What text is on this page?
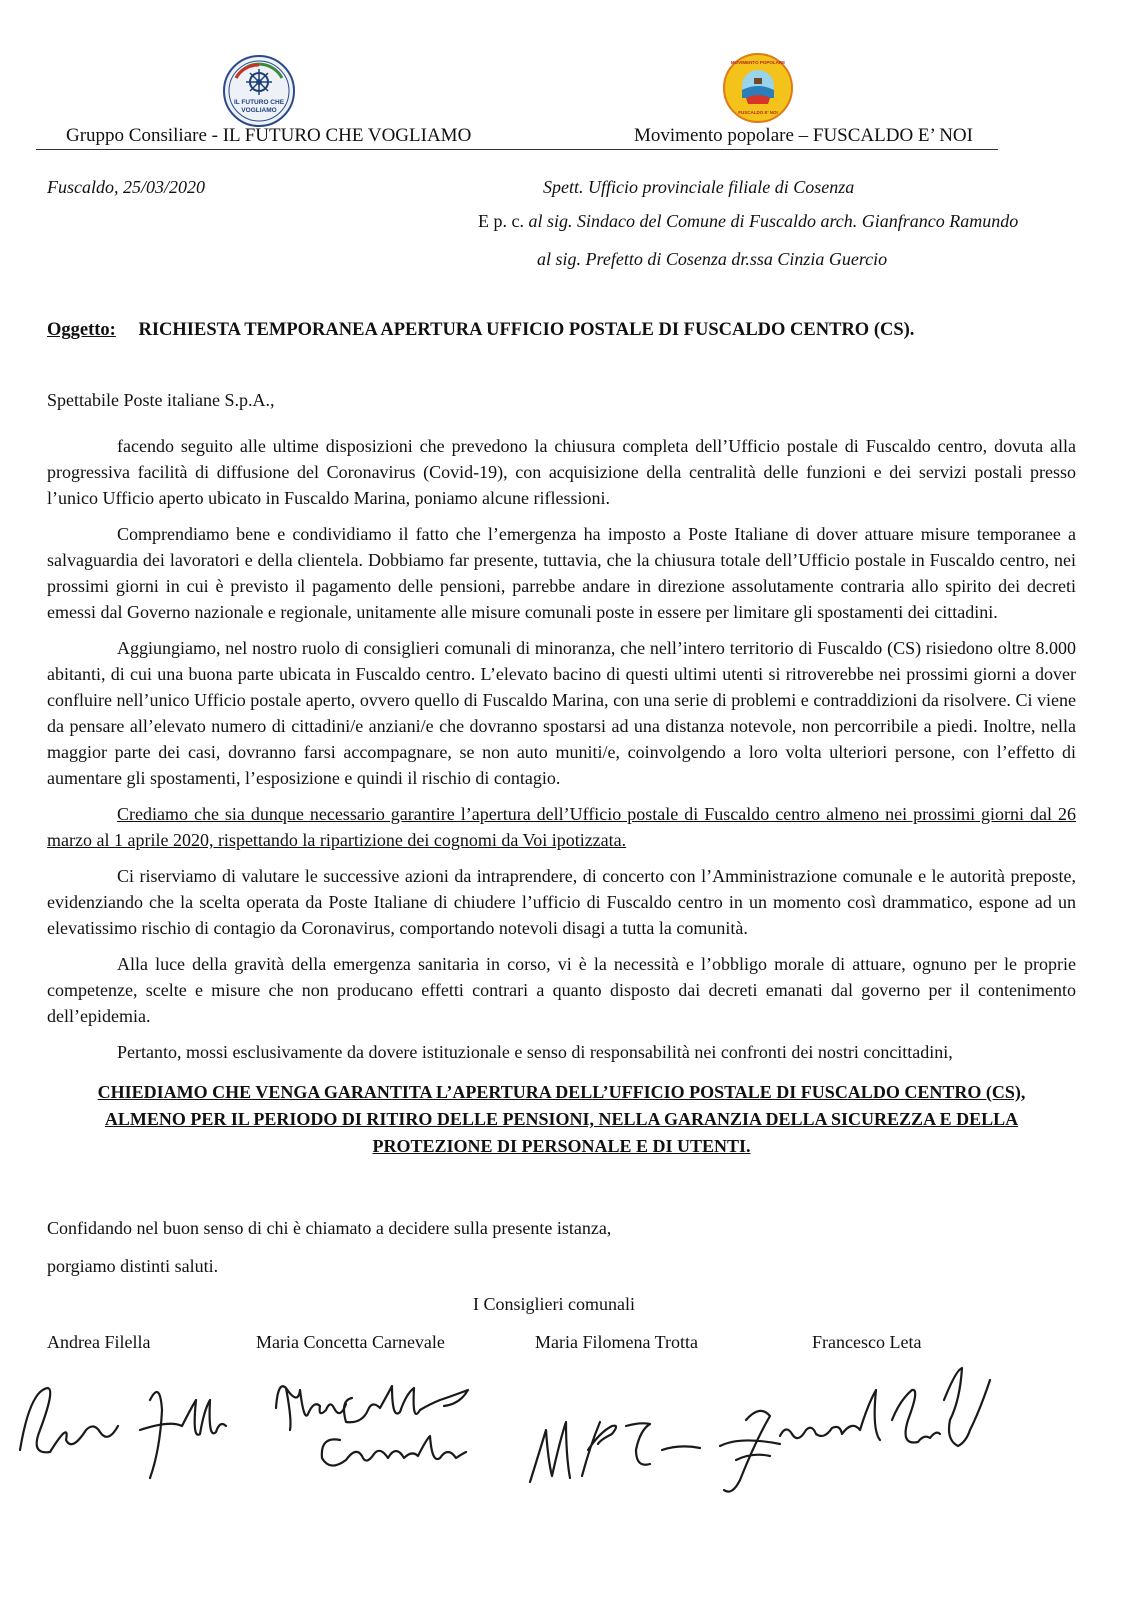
IL FUTURO CHE
VOGLIAMO	FUSCALDO E' NOI
MOVIMENTO POPOLARE
Gruppo Consiliare - IL FUTURO CHE VOGLIAMO	Movimento popolare – FUSCALDO E’ NOI
Fuscaldo, 25/03/2020	Spett. Ufficio provinciale filiale di Cosenza
E p. c. al sig. Sindaco del Comune di Fuscaldo arch. Gianfranco Ramundo
al sig. Prefetto di Cosenza dr.ssa Cinzia Guercio
Oggetto: RICHIESTA TEMPORANEA APERTURA UFFICIO POSTALE DI FUSCALDO CENTRO (CS).
Spettabile Poste italiane S.p.A.,

facendo seguito alle ultime disposizioni che prevedono la chiusura completa dell’Ufficio postale di Fuscaldo centro, dovuta alla progressiva facilità di diffusione del Coronavirus (Covid-19), con acquisizione della centralità delle funzioni e dei servizi postali presso l’unico Ufficio aperto ubicato in Fuscaldo Marina, poniamo alcune riflessioni.

Comprendiamo bene e condividiamo il fatto che l’emergenza ha imposto a Poste Italiane di dover attuare misure temporanee a salvaguardia dei lavoratori e della clientela. Dobbiamo far presente, tuttavia, che la chiusura totale dell’Ufficio postale in Fuscaldo centro, nei prossimi giorni in cui è previsto il pagamento delle pensioni, parrebbe andare in direzione assolutamente contraria allo spirito dei decreti emessi dal Governo nazionale e regionale, unitamente alle misure comunali poste in essere per limitare gli spostamenti dei cittadini.

Aggiungiamo, nel nostro ruolo di consiglieri comunali di minoranza, che nell’intero territorio di Fuscaldo (CS) risiedono oltre 8.000 abitanti, di cui una buona parte ubicata in Fuscaldo centro. L’elevato bacino di questi ultimi utenti si ritroverebbe nei prossimi giorni a dover confluire nell’unico Ufficio postale aperto, ovvero quello di Fuscaldo Marina, con una serie di problemi e contraddizioni da risolvere. Ci viene da pensare all’elevato numero di cittadini/e anziani/e che dovranno spostarsi ad una distanza notevole, non percorribile a piedi. Inoltre, nella maggior parte dei casi, dovranno farsi accompagnare, se non auto muniti/e, coinvolgendo a loro volta ulteriori persone, con l’effetto di aumentare gli spostamenti, l’esposizione e quindi il rischio di contagio.

Crediamo che sia dunque necessario garantire l’apertura dell’Ufficio postale di Fuscaldo centro almeno nei prossimi giorni dal 26 marzo al 1 aprile 2020, rispettando la ripartizione dei cognomi da Voi ipotizzata.

Ci riserviamo di valutare le successive azioni da intraprendere, di concerto con l’Amministrazione comunale e le autorità preposte, evidenziando che la scelta operata da Poste Italiane di chiudere l’ufficio di Fuscaldo centro in un momento così drammatico, espone ad un elevatissimo rischio di contagio da Coronavirus, comportando notevoli disagi a tutta la comunità.

Alla luce della gravità della emergenza sanitaria in corso, vi è la necessità e l’obbligo morale di attuare, ognuno per le proprie competenze, scelte e misure che non producano effetti contrari a quanto disposto dai decreti emanati dal governo per il contenimento dell’epidemia.

Pertanto, mossi esclusivamente da dovere istituzionale e senso di responsabilità nei confronti dei nostri concittadini,

CHIEDIAMO CHE VENGA GARANTITA L’APERTURA DELL’UFFICIO POSTALE DI FUSCALDO CENTRO (CS),

ALMENO PER IL PERIODO DI RITIRO DELLE PENSIONI, NELLA GARANZIA DELLA SICUREZZA E DELLA

PROTEZIONE DI PERSONALE E DI UTENTI.

Confidando nel buon senso di chi è chiamato a decidere sulla presente istanza,
porgiamo distinti saluti.
I Consiglieri comunali
Andrea Filella	Maria Concetta Carnevale	Maria Filomena Trotta	Francesco Leta
